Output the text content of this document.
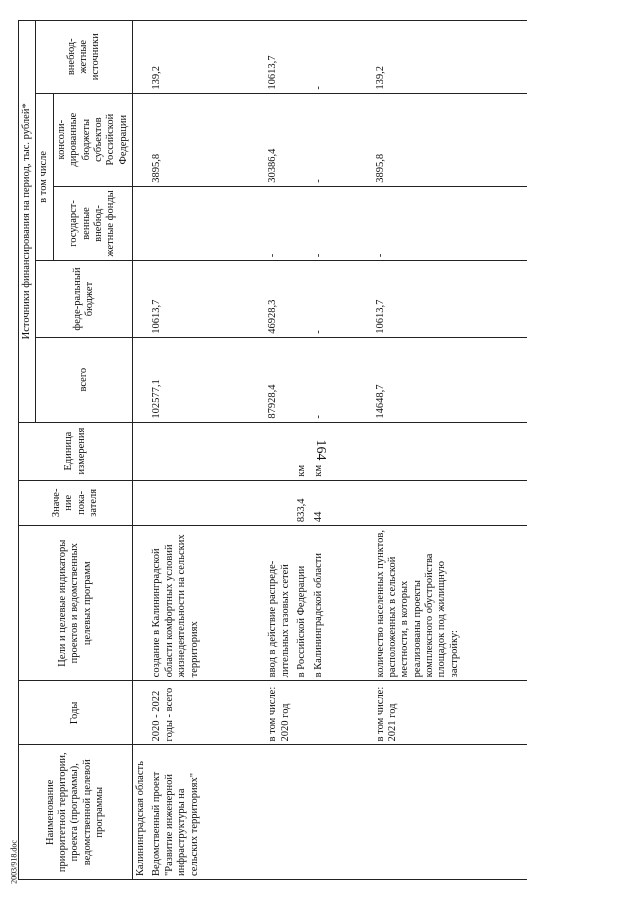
164
2003/918.doc
Наименование приоритетной территории, проекта (программы), ведомственной целевой программы	Годы	Цели и целевые индикаторы проектов и ведомственных целевых программ	Значе-ние пока-зателя	Единица измерения	Источники финансирования на период, тыс. рублей*				
					всего	феде-ральный бюджет	в том числе		внебюд-жетные источники
							государст-венные внебюд-жетные фонды	консоли-дированные бюджеты субъектов Российской Федерации	
Калининградская область									
Ведомственный проект "Развитие инженерной инфраструктуры на сельских территориях"	2020 - 2022 годы - всего	создание в Калининградской области комфортных условий жизнедеятельности на сельских территориях			102577,1	10613,7		3895,8	139,2
	в том числе: 2020 год	ввод в действие распреде-лительных газовых сетей			87928,4	46928,3	-	30386,4	10613,7
		в Российской Федерации	833,4	км					
		в Калининградской области	44	км	-	-	-	-	-
	в том числе: 2021 год	количество населенных пунктов, расположенных в сельской местности, в которых реализованы проекты комплексного обустройства площадок под жилищную застройку:			14648,7	10613,7	-	3895,8	139,2
